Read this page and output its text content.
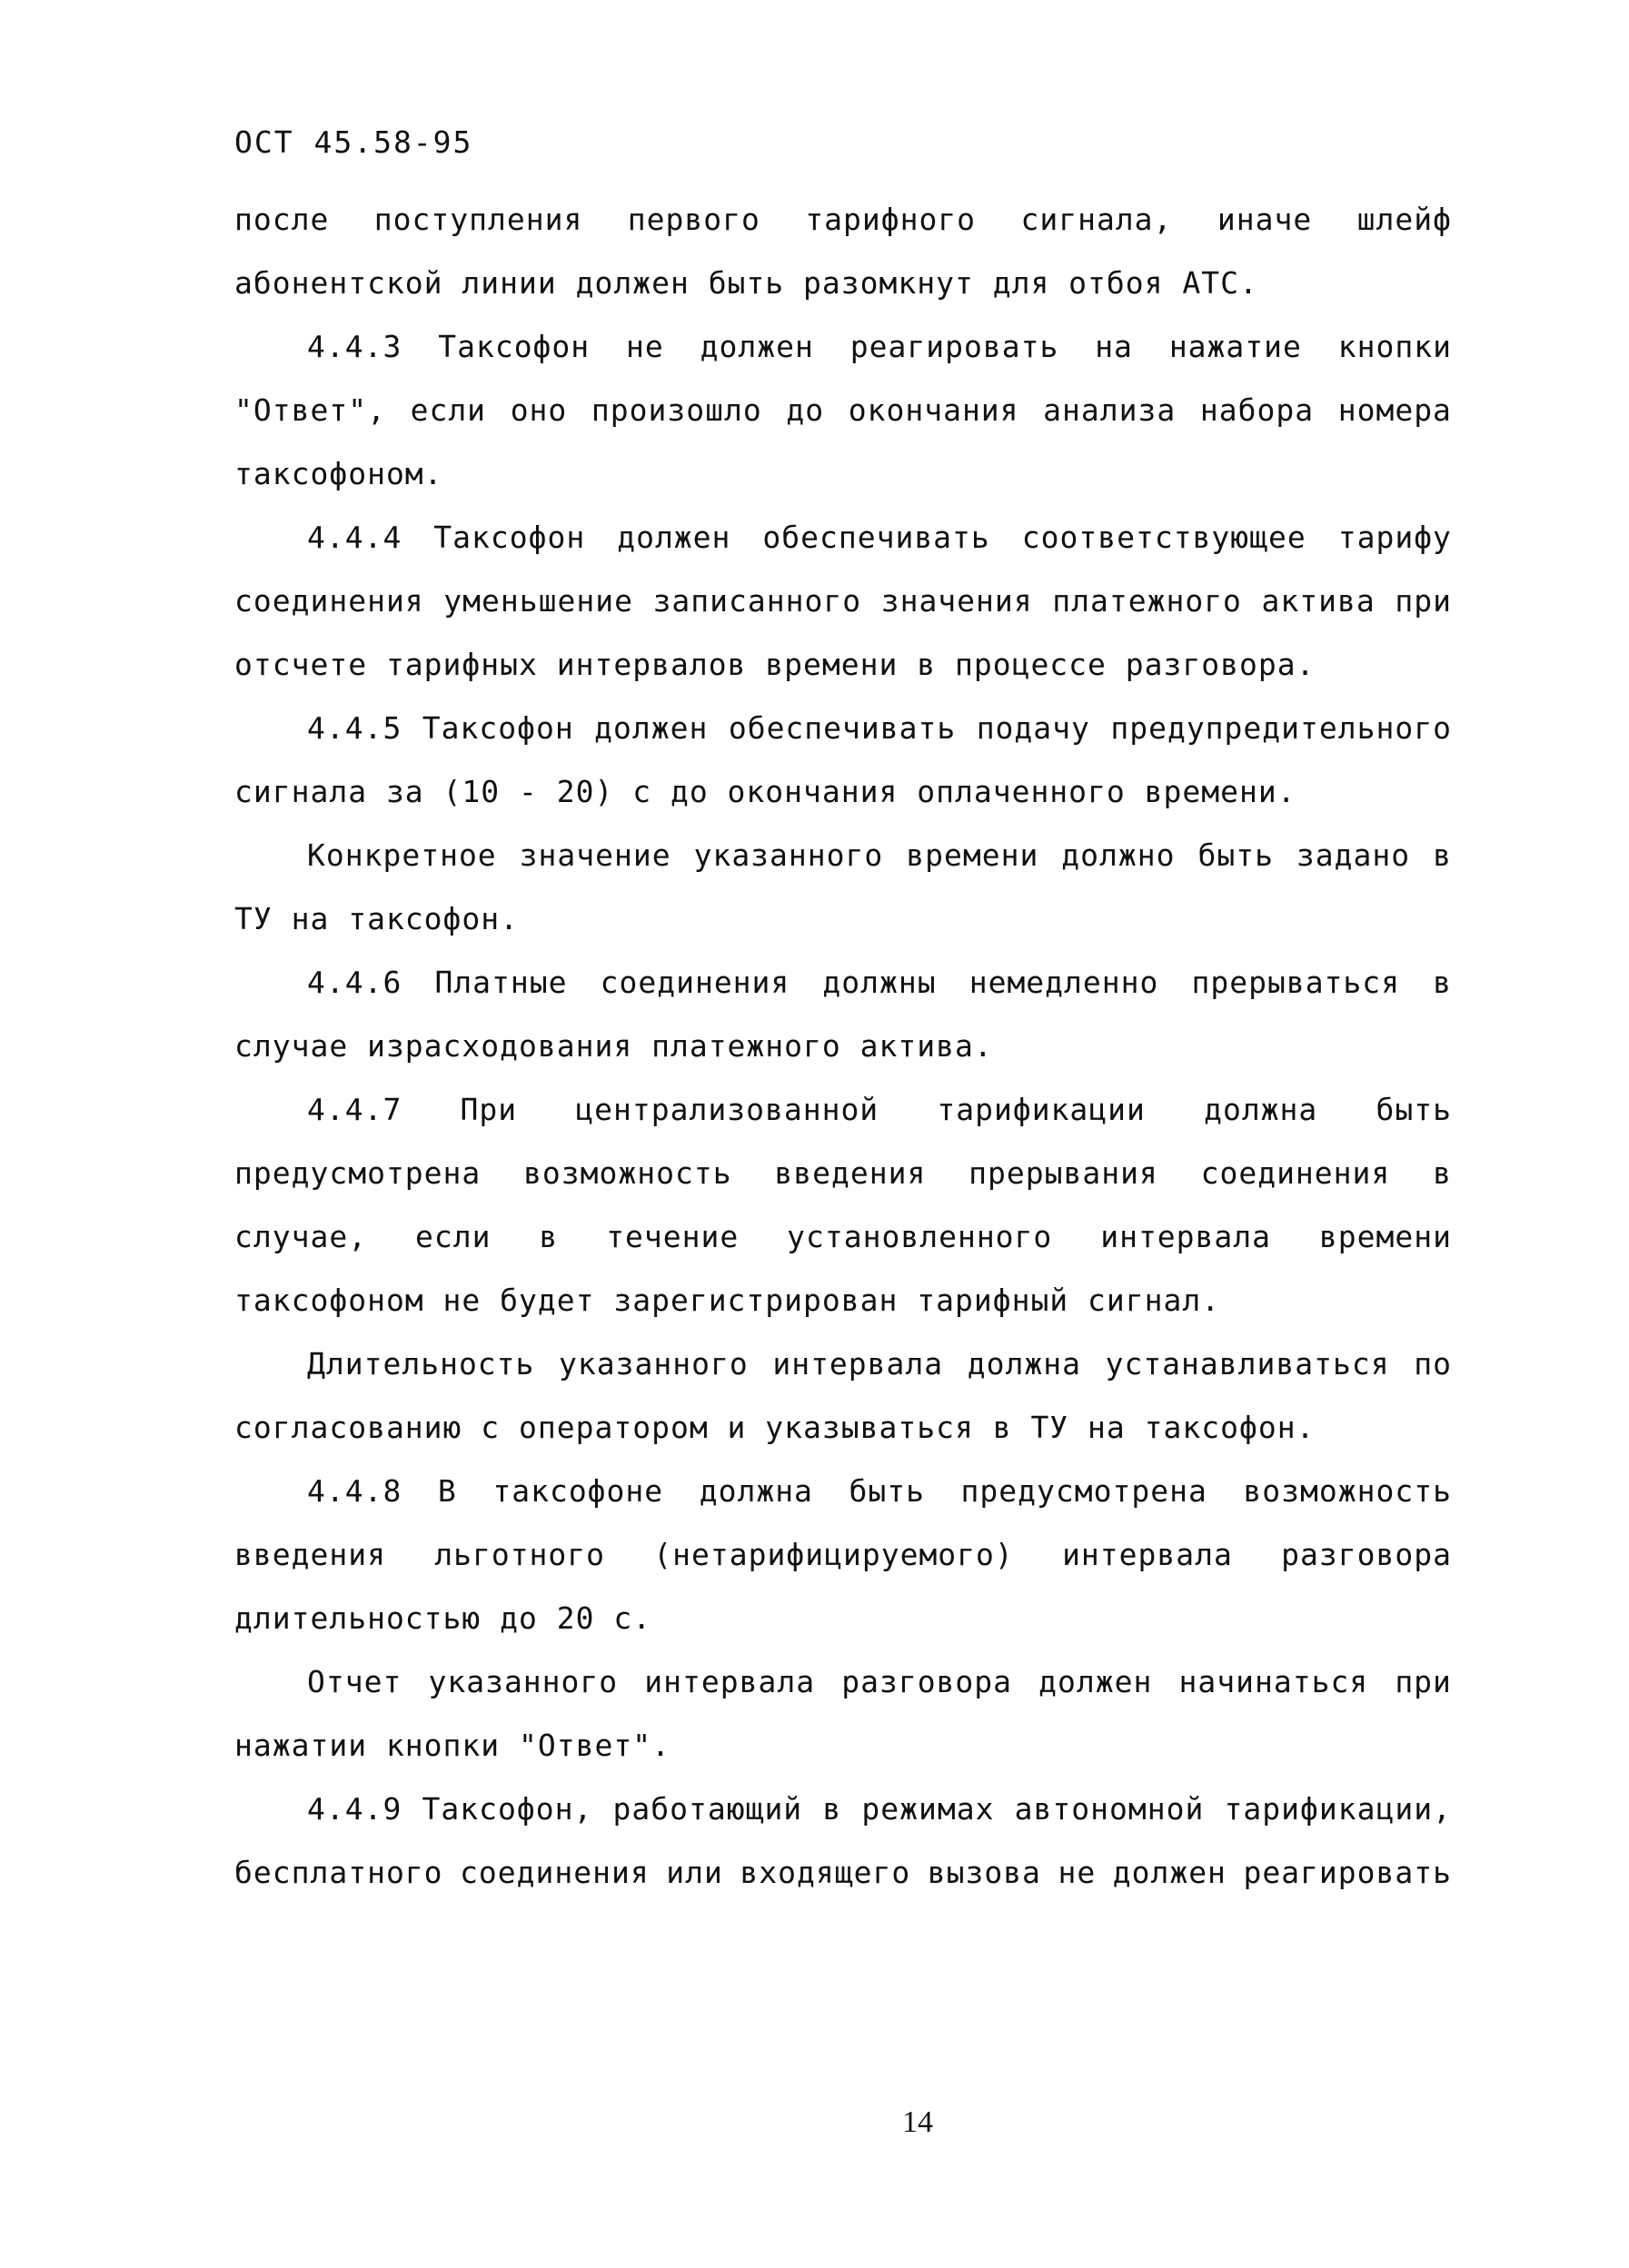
ОСТ 45.58-95
после поступления первого тарифного сигнала, иначе шлейф
абонентской линии должен быть разомкнут для отбоя АТС.
4.4.3 Таксофон не должен реагировать на нажатие кнопки
"Ответ", если оно произошло до окончания анализа набора номера
таксофоном.
4.4.4 Таксофон должен обеспечивать соответствующее тарифу
соединения уменьшение записанного значения платежного актива при
отсчете тарифных интервалов времени в процессе разговора.
4.4.5 Таксофон должен обеспечивать подачу предупредительного
сигнала за (10 - 20) с до окончания оплаченного времени.
Конкретное значение указанного времени должно быть задано в
ТУ на таксофон.
4.4.6 Платные соединения должны немедленно прерываться в
случае израсходования платежного актива.
4.4.7 При централизованной тарификации должна быть
предусмотрена возможность введения прерывания соединения в
случае, если в течение установленного интервала времени
таксофоном не будет зарегистрирован тарифный сигнал.
Длительность указанного интервала должна устанавливаться по
согласованию с оператором и указываться в ТУ на таксофон.
4.4.8 В таксофоне должна быть предусмотрена возможность
введения льготного (нетарифицируемого) интервала разговора
длительностью до 20 с.
Отчет указанного интервала разговора должен начинаться при
нажатии кнопки "Ответ".
4.4.9 Таксофон, работающий в режимах автономной тарификации,
бесплатного соединения или входящего вызова не должен реагировать
14
